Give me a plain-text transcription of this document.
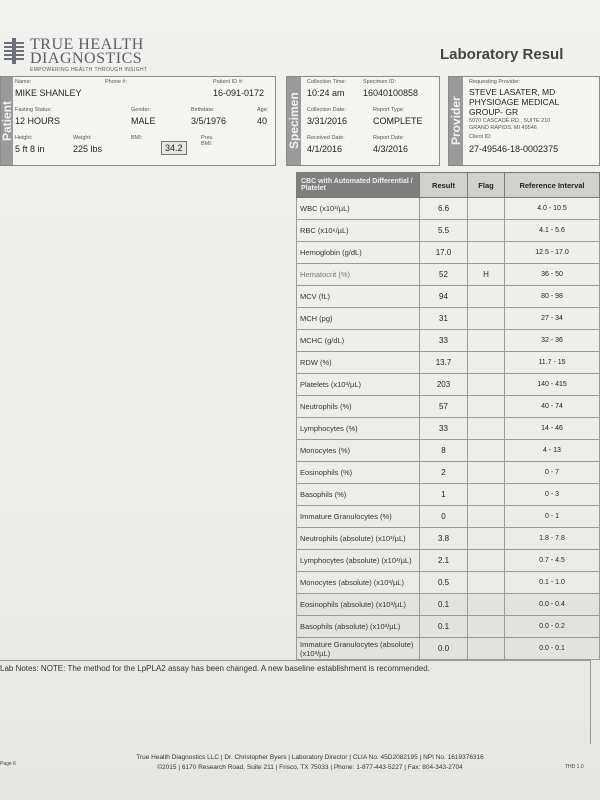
TRUE HEALTH
DIAGNOSTICS
EMPOWERING HEALTH THROUGH INSIGHT
Laboratory Resul
Patient
Name:
MIKE SHANLEY
Phone #:	Patient ID #:
16-091-0172
Fasting Status:
12 HOURS
Gender:
MALE
Birthdate:
3/5/1976
Age:
40
Height:
5 ft 8 in
Weight:
225 lbs
BMI:
34.2
Prev. BMI:	Specimen
Collection Time:
10:24 am
Specimen ID:
16040100858
Collection Date:
3/31/2016
Report Type:
COMPLETE
Received Date:
4/1/2016
Report Date:
4/3/2016
Provider
Requesting Provider:
STEVE LASATER, MD
PHYSIOAGE MEDICAL
GROUP- GR
5070 CASCADE RD., SUITE 210
GRAND RAPIDS, MI 49546
Client ID:
27-49546-18-0002375
CBC with Automated Differential / Platelet	Result	Flag	Reference Interval
WBC (x10³/µL)	6.6		4.0 - 10.5
RBC (x10⁶/µL)	5.5		4.1 - 5.6
Hemoglobin (g/dL)	17.0		12.5 - 17.0
Hematocrit (%)	52	H	36 - 50
MCV (fL)	94		80 - 98
MCH (pg)	31		27 - 34
MCHC (g/dL)	33		32 - 36
RDW (%)	13.7		11.7 - 15
Platelets (x10³/µL)	203		140 - 415
Neutrophils (%)	57		40 - 74
Lymphocytes (%)	33		14 - 46
Monocytes (%)	8		4 - 13
Eosinophils (%)	2		0 - 7
Basophils (%)	1		0 - 3
Immature Granulocytes (%)	0		0 - 1
Neutrophils (absolute) (x10³/µL)	3.8		1.8 - 7.8
Lymphocytes (absolute) (x10³/µL)	2.1		0.7 - 4.5
Monocytes (absolute) (x10³/µL)	0.5		0.1 - 1.0
Eosinophils (absolute) (x10³/µL)	0.1		0.0 - 0.4
Basophils (absolute) (x10³/µL)	0.1		0.0 - 0.2
Immature Granulocytes (absolute) (x10³/µL)	0.0		0.0 - 0.1
Lab Notes: NOTE: The method for the LpPLA2 assay has been changed. A new baseline establishment is recommended.
True Health Diagnostics LLC | Dr. Christopher Byers | Laboratory Director | CLIA No. 45D2082195 | NPI No. 1619376316
©2015 | 6170 Research Road, Suite 211 | Frisco, TX 75033 | Phone: 1-877-443-5227 | Fax: 804-343-2704
Page 6	THD 1.0
